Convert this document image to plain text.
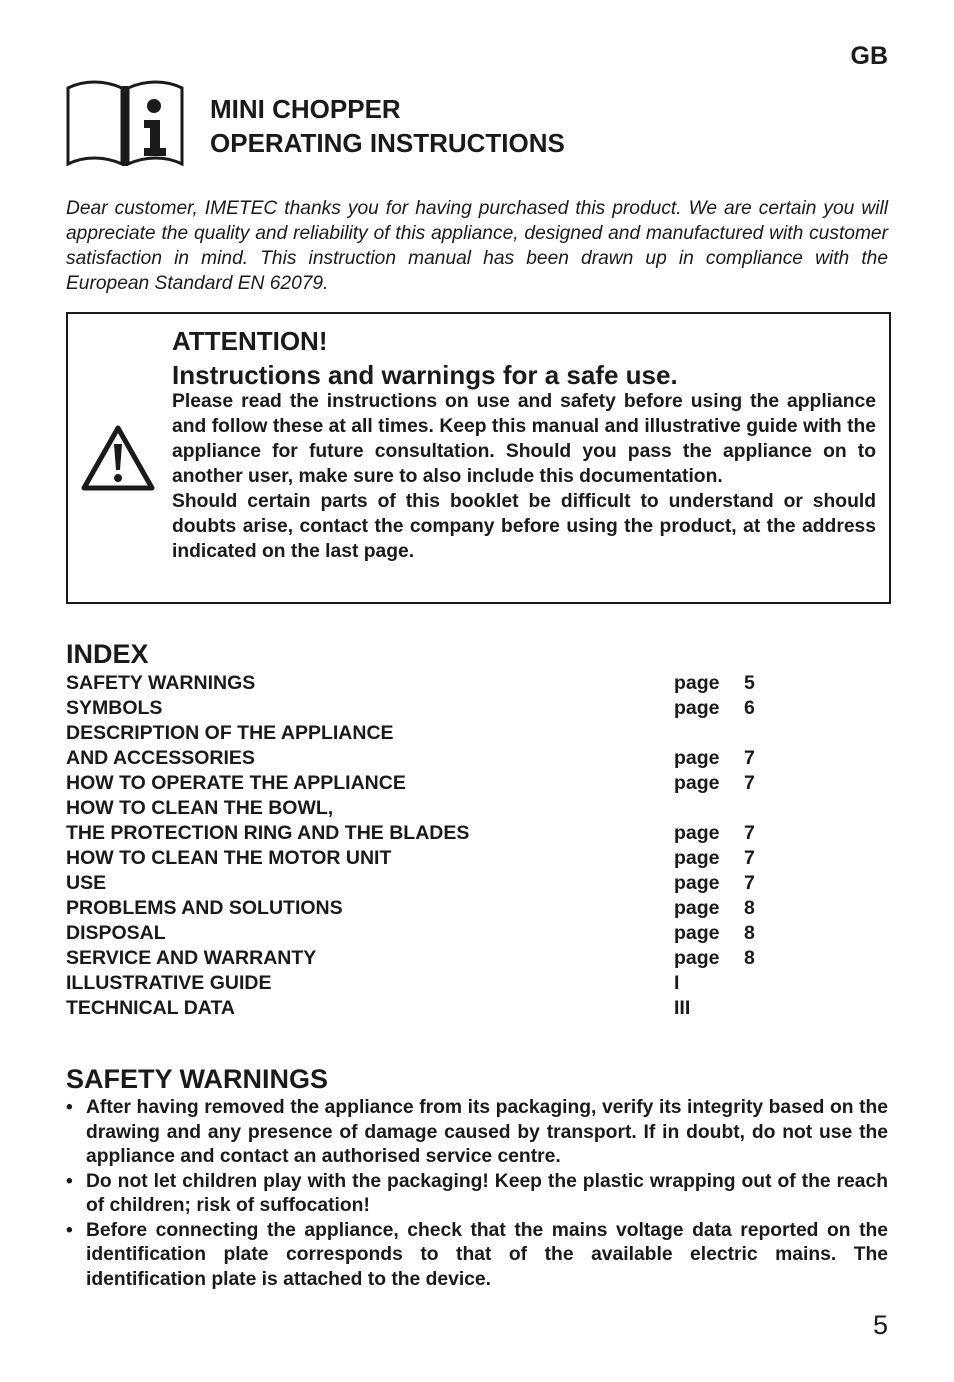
GB
MINI CHOPPER
OPERATING INSTRUCTIONS

Dear customer, IMETEC thanks you for having purchased this product. We are certain you will appreciate the quality and reliability of this appliance, designed and manufactured with customer satisfaction in mind. This instruction manual has been drawn up in compliance with the European Standard EN 62079.

ATTENTION!
Instructions and warnings for a safe use.

Please read the instructions on use and safety before using the appliance and follow these at all times. Keep this manual and illustrative guide with the appliance for future consultation. Should you pass the appliance on to another user, make sure to also include this documentation.

Should certain parts of this booklet be difficult to understand or should doubts arise, contact the company before using the product, at the address indicated on the last page.

INDEX
SAFETY WARNINGS	page 5
SYMBOLS	page 6
DESCRIPTION OF THE APPLIANCE
AND ACCESSORIES	page 7
HOW TO OPERATE THE APPLIANCE	page 7
HOW TO CLEAN THE BOWL,
THE PROTECTION RING AND THE BLADES	page 7
HOW TO CLEAN THE MOTOR UNIT	page 7
USE	page 7
PROBLEMS AND SOLUTIONS	page 8
DISPOSAL	page 8
SERVICE AND WARRANTY	page 8
ILLUSTRATIVE GUIDE	I
TECHNICAL DATA	III
SAFETY WARNINGS
• After having removed the appliance from its packaging, verify its integrity based on the drawing and any presence of damage caused by transport. If in doubt, do not use the appliance and contact an authorised service centre.
• Do not let children play with the packaging! Keep the plastic wrapping out of the reach of children; risk of suffocation!
• Before connecting the appliance, check that the mains voltage data reported on the identification plate corresponds to that of the available electric mains. The identification plate is attached to the device.
5
